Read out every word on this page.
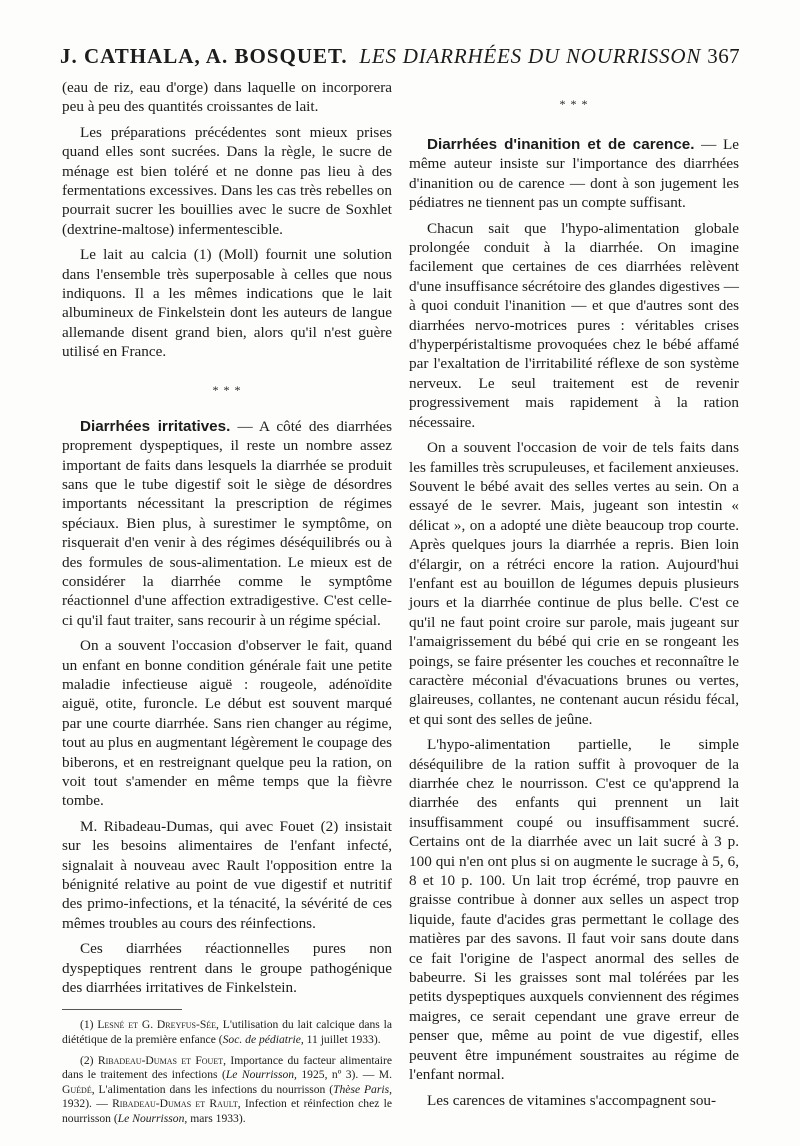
J. CATHALA, A. BOSQUET. LES DIARRHÉES DU NOURRISSON 367

(eau de riz, eau d'orge) dans laquelle on incorporera peu à peu des quantités croissantes de lait.

Les préparations précédentes sont mieux prises quand elles sont sucrées. Dans la règle, le sucre de ménage est bien toléré et ne donne pas lieu à des fermentations excessives. Dans les cas très rebelles on pourrait sucrer les bouillies avec le sucre de Soxhlet (dextrine-maltose) infermentescible.

Le lait au calcia (1) (Moll) fournit une solution dans l'ensemble très superposable à celles que nous indiquons. Il a les mêmes indications que le lait albumineux de Finkelstein dont les auteurs de langue allemande disent grand bien, alors qu'il n'est guère utilisé en France.

* * *

Diarrhées irritatives. — A côté des diarrhées proprement dyspeptiques, il reste un nombre assez important de faits dans lesquels la diarrhée se produit sans que le tube digestif soit le siège de désordres importants nécessitant la prescription de régimes spéciaux. Bien plus, à surestimer le symptôme, on risquerait d'en venir à des régimes déséquilibrés ou à des formules de sous-alimentation. Le mieux est de considérer la diarrhée comme le symptôme réactionnel d'une affection extradigestive. C'est celle-ci qu'il faut traiter, sans recourir à un régime spécial.

On a souvent l'occasion d'observer le fait, quand un enfant en bonne condition générale fait une petite maladie infectieuse aiguë : rougeole, adénoïdite aiguë, otite, furoncle. Le début est souvent marqué par une courte diarrhée. Sans rien changer au régime, tout au plus en augmentant légèrement le coupage des biberons, et en restreignant quelque peu la ration, on voit tout s'amender en même temps que la fièvre tombe.

M. Ribadeau-Dumas, qui avec Fouet (2) insistait sur les besoins alimentaires de l'enfant infecté, signalait à nouveau avec Rault l'opposition entre la bénignité relative au point de vue digestif et nutritif des primo-infections, et la ténacité, la sévérité de ces mêmes troubles au cours des réinfections.

Ces diarrhées réactionnelles pures non dyspeptiques rentrent dans le groupe pathogénique des diarrhées irritatives de Finkelstein.

(1) Lesné et G. Dreyfus-Sée, L'utilisation du lait calcique dans la diététique de la première enfance (Soc. de pédiatrie, 11 juillet 1933).

(2) Ribadeau-Dumas et Fouet, Importance du facteur alimentaire dans le traitement des infections (Le Nourrisson, 1925, nº 3). — M. Guédé, L'alimentation dans les infections du nourrisson (Thèse Paris, 1932). — Ribadeau-Dumas et Rault, Infection et réinfection chez le nourrisson (Le Nourrisson, mars 1933).

* * *

Diarrhées d'inanition et de carence. — Le même auteur insiste sur l'importance des diarrhées d'inanition ou de carence — dont à son jugement les pédiatres ne tiennent pas un compte suffisant.

Chacun sait que l'hypo-alimentation globale prolongée conduit à la diarrhée. On imagine facilement que certaines de ces diarrhées relèvent d'une insuffisance sécrétoire des glandes digestives — à quoi conduit l'inanition — et que d'autres sont des diarrhées nervo-motrices pures : véritables crises d'hyperpéristaltisme provoquées chez le bébé affamé par l'exaltation de l'irritabilité réflexe de son système nerveux. Le seul traitement est de revenir progressivement mais rapidement à la ration nécessaire.

On a souvent l'occasion de voir de tels faits dans les familles très scrupuleuses, et facilement anxieuses. Souvent le bébé avait des selles vertes au sein. On a essayé de le sevrer. Mais, jugeant son intestin « délicat », on a adopté une diète beaucoup trop courte. Après quelques jours la diarrhée a repris. Bien loin d'élargir, on a rétréci encore la ration. Aujourd'hui l'enfant est au bouillon de légumes depuis plusieurs jours et la diarrhée continue de plus belle. C'est ce qu'il ne faut point croire sur parole, mais jugeant sur l'amaigrissement du bébé qui crie en se rongeant les poings, se faire présenter les couches et reconnaître le caractère méconial d'évacuations brunes ou vertes, glaireuses, collantes, ne contenant aucun résidu fécal, et qui sont des selles de jeûne.

L'hypo-alimentation partielle, le simple déséquilibre de la ration suffit à provoquer de la diarrhée chez le nourrisson. C'est ce qu'apprend la diarrhée des enfants qui prennent un lait insuffisamment coupé ou insuffisamment sucré. Certains ont de la diarrhée avec un lait sucré à 3 p. 100 qui n'en ont plus si on augmente le sucrage à 5, 6, 8 et 10 p. 100. Un lait trop écrémé, trop pauvre en graisse contribue à donner aux selles un aspect trop liquide, faute d'acides gras permettant le collage des matières par des savons. Il faut voir sans doute dans ce fait l'origine de l'aspect anormal des selles de babeurre. Si les graisses sont mal tolérées par les petits dyspeptiques auxquels conviennent des régimes maigres, ce serait cependant une grave erreur de penser que, même au point de vue digestif, elles peuvent être impunément soustraites au régime de l'enfant normal.

Les carences de vitamines s'accompagnent sou-
